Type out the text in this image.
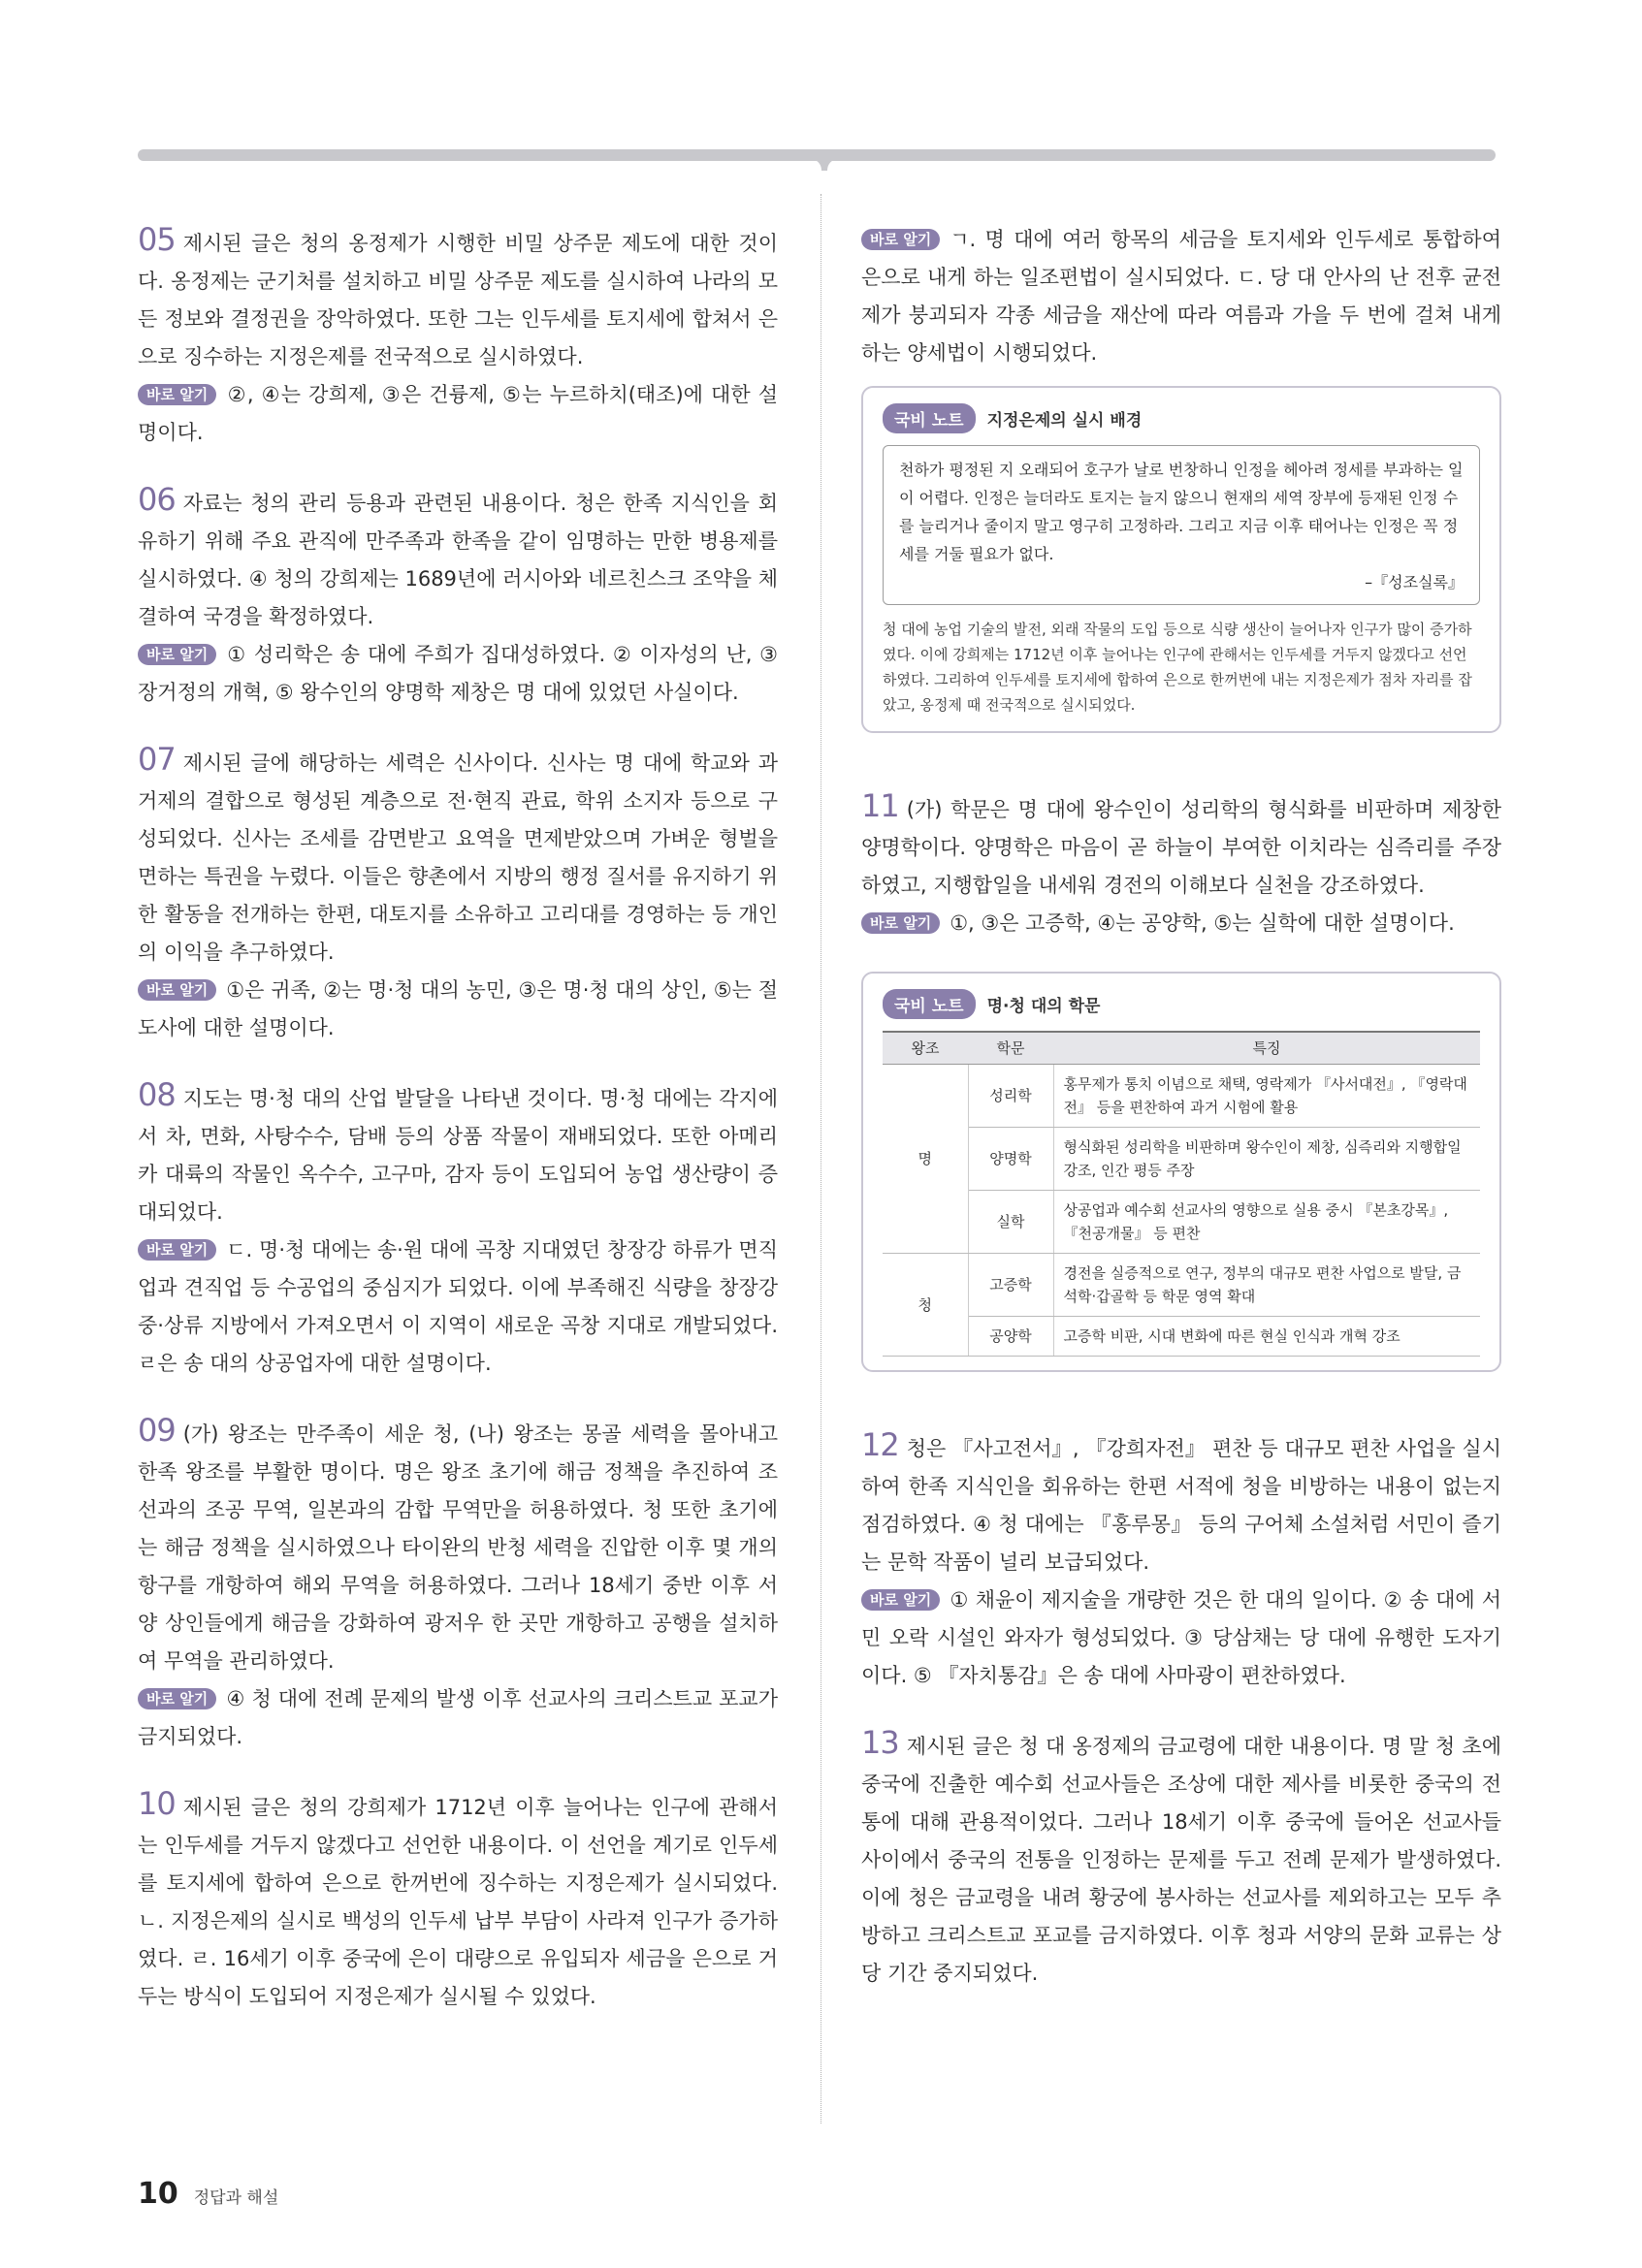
05 제시된 글은 청의 옹정제가 시행한 비밀 상주문 제도에 대한 것이다. 옹정제는 군기처를 설치하고 비밀 상주문 제도를 실시하여 나라의 모든 정보와 결정권을 장악하였다. 또한 그는 인두세를 토지세에 합쳐서 은으로 징수하는 지정은제를 전국적으로 실시하였다.

바로 알기 ②, ④는 강희제, ③은 건륭제, ⑤는 누르하치(태조)에 대한 설명이다.

06 자료는 청의 관리 등용과 관련된 내용이다. 청은 한족 지식인을 회유하기 위해 주요 관직에 만주족과 한족을 같이 임명하는 만한 병용제를 실시하였다. ④ 청의 강희제는 1689년에 러시아와 네르친스크 조약을 체결하여 국경을 확정하였다.

바로 알기 ① 성리학은 송 대에 주희가 집대성하였다. ② 이자성의 난, ③ 장거정의 개혁, ⑤ 왕수인의 양명학 제창은 명 대에 있었던 사실이다.

07 제시된 글에 해당하는 세력은 신사이다. 신사는 명 대에 학교와 과거제의 결합으로 형성된 계층으로 전·현직 관료, 학위 소지자 등으로 구성되었다. 신사는 조세를 감면받고 요역을 면제받았으며 가벼운 형벌을 면하는 특권을 누렸다. 이들은 향촌에서 지방의 행정 질서를 유지하기 위한 활동을 전개하는 한편, 대토지를 소유하고 고리대를 경영하는 등 개인의 이익을 추구하였다.

바로 알기 ①은 귀족, ②는 명·청 대의 농민, ③은 명·청 대의 상인, ⑤는 절도사에 대한 설명이다.

08 지도는 명·청 대의 산업 발달을 나타낸 것이다. 명·청 대에는 각지에서 차, 면화, 사탕수수, 담배 등의 상품 작물이 재배되었다. 또한 아메리카 대륙의 작물인 옥수수, 고구마, 감자 등이 도입되어 농업 생산량이 증대되었다.

바로 알기 ㄷ. 명·청 대에는 송·원 대에 곡창 지대였던 창장강 하류가 면직업과 견직업 등 수공업의 중심지가 되었다. 이에 부족해진 식량을 창장강 중·상류 지방에서 가져오면서 이 지역이 새로운 곡창 지대로 개발되었다. ㄹ은 송 대의 상공업자에 대한 설명이다.

09 (가) 왕조는 만주족이 세운 청, (나) 왕조는 몽골 세력을 몰아내고 한족 왕조를 부활한 명이다. 명은 왕조 초기에 해금 정책을 추진하여 조선과의 조공 무역, 일본과의 감합 무역만을 허용하였다. 청 또한 초기에는 해금 정책을 실시하였으나 타이완의 반청 세력을 진압한 이후 몇 개의 항구를 개항하여 해외 무역을 허용하였다. 그러나 18세기 중반 이후 서양 상인들에게 해금을 강화하여 광저우 한 곳만 개항하고 공행을 설치하여 무역을 관리하였다.

바로 알기 ④ 청 대에 전례 문제의 발생 이후 선교사의 크리스트교 포교가 금지되었다.

10 제시된 글은 청의 강희제가 1712년 이후 늘어나는 인구에 관해서는 인두세를 거두지 않겠다고 선언한 내용이다. 이 선언을 계기로 인두세를 토지세에 합하여 은으로 한꺼번에 징수하는 지정은제가 실시되었다. ㄴ. 지정은제의 실시로 백성의 인두세 납부 부담이 사라져 인구가 증가하였다. ㄹ. 16세기 이후 중국에 은이 대량으로 유입되자 세금을 은으로 거두는 방식이 도입되어 지정은제가 실시될 수 있었다.

바로 알기 ㄱ. 명 대에 여러 항목의 세금을 토지세와 인두세로 통합하여 은으로 내게 하는 일조편법이 실시되었다. ㄷ. 당 대 안사의 난 전후 균전제가 붕괴되자 각종 세금을 재산에 따라 여름과 가을 두 번에 걸쳐 내게 하는 양세법이 시행되었다.

국비 노트	지정은제의 실시 배경
천하가 평정된 지 오래되어 호구가 날로 번창하니 인정을 헤아려 정세를 부과하는 일이 어렵다. 인정은 늘더라도 토지는 늘지 않으니 현재의 세역 장부에 등재된 인정 수를 늘리거나 줄이지 말고 영구히 고정하라. 그리고 지금 이후 태어나는 인정은 꼭 정세를 거둘 필요가 없다.
–『성조실록』
청 대에 농업 기술의 발전, 외래 작물의 도입 등으로 식량 생산이 늘어나자 인구가 많이 증가하였다. 이에 강희제는 1712년 이후 늘어나는 인구에 관해서는 인두세를 거두지 않겠다고 선언하였다. 그리하여 인두세를 토지세에 합하여 은으로 한꺼번에 내는 지정은제가 점차 자리를 잡았고, 옹정제 때 전국적으로 실시되었다.

11 (가) 학문은 명 대에 왕수인이 성리학의 형식화를 비판하며 제창한 양명학이다. 양명학은 마음이 곧 하늘이 부여한 이치라는 심즉리를 주장하였고, 지행합일을 내세워 경전의 이해보다 실천을 강조하였다.

바로 알기 ①, ③은 고증학, ④는 공양학, ⑤는 실학에 대한 설명이다.

국비 노트	명·청 대의 학문
왕조	학문	특징
명	성리학	홍무제가 통치 이념으로 채택, 영락제가 『사서대전』, 『영락대전』 등을 편찬하여 과거 시험에 활용
	양명학	형식화된 성리학을 비판하며 왕수인이 제창, 심즉리와 지행합일 강조, 인간 평등 주장
	실학	상공업과 예수회 선교사의 영향으로 실용 중시 『본초강목』, 『천공개물』 등 편찬
청	고증학	경전을 실증적으로 연구, 정부의 대규모 편찬 사업으로 발달, 금석학·갑골학 등 학문 영역 확대
	공양학	고증학 비판, 시대 변화에 따른 현실 인식과 개혁 강조

12 청은 『사고전서』, 『강희자전』 편찬 등 대규모 편찬 사업을 실시하여 한족 지식인을 회유하는 한편 서적에 청을 비방하는 내용이 없는지 점검하였다. ④ 청 대에는 『홍루몽』 등의 구어체 소설처럼 서민이 즐기는 문학 작품이 널리 보급되었다.

바로 알기 ① 채윤이 제지술을 개량한 것은 한 대의 일이다. ② 송 대에 서민 오락 시설인 와자가 형성되었다. ③ 당삼채는 당 대에 유행한 도자기이다. ⑤ 『자치통감』은 송 대에 사마광이 편찬하였다.

13 제시된 글은 청 대 옹정제의 금교령에 대한 내용이다. 명 말 청 초에 중국에 진출한 예수회 선교사들은 조상에 대한 제사를 비롯한 중국의 전통에 대해 관용적이었다. 그러나 18세기 이후 중국에 들어온 선교사들 사이에서 중국의 전통을 인정하는 문제를 두고 전례 문제가 발생하였다. 이에 청은 금교령을 내려 황궁에 봉사하는 선교사를 제외하고는 모두 추방하고 크리스트교 포교를 금지하였다. 이후 청과 서양의 문화 교류는 상당 기간 중지되었다.

10 정답과 해설
